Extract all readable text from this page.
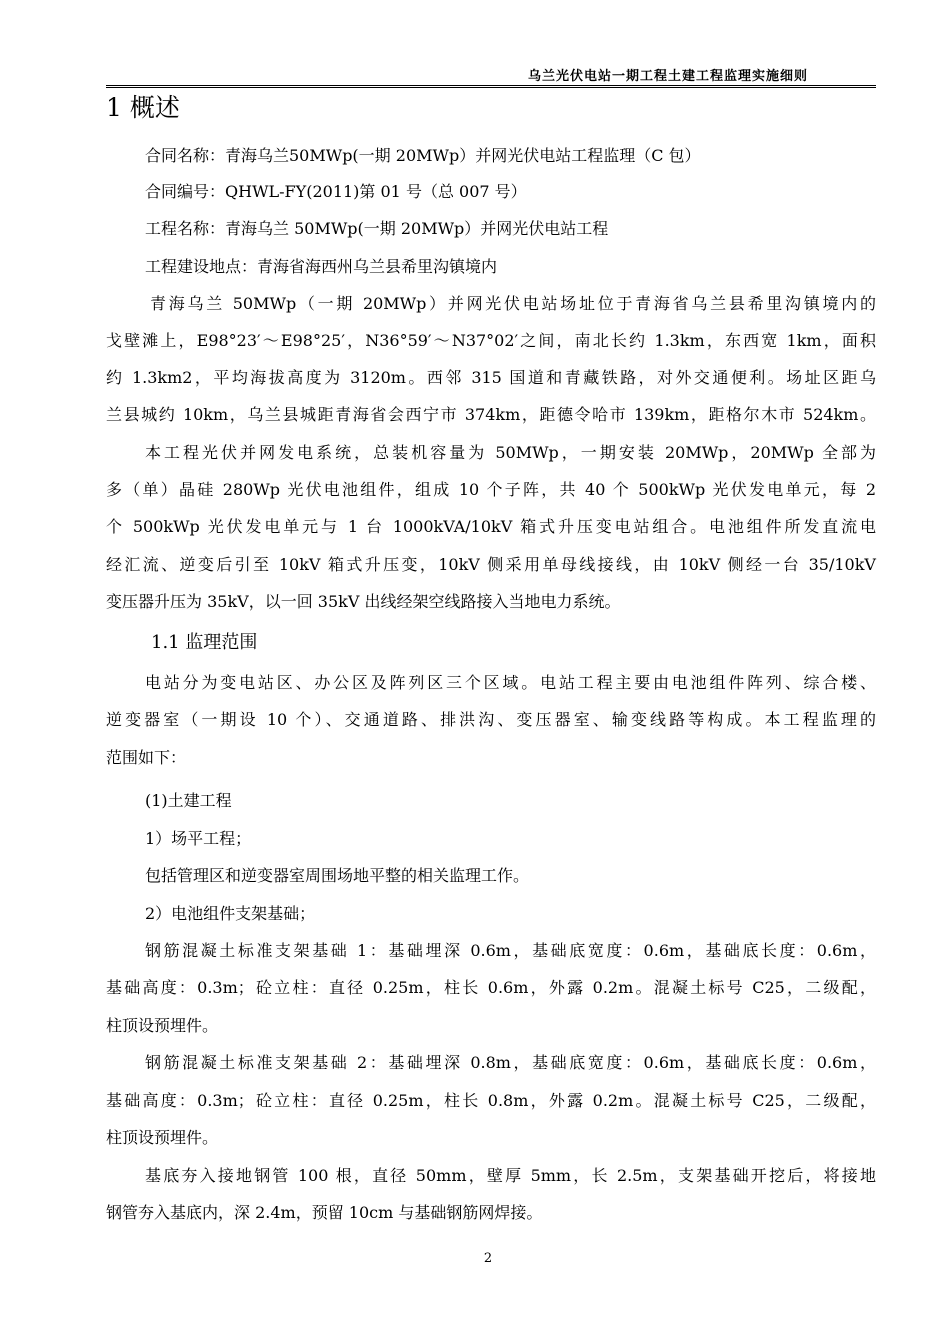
乌兰光伏电站一期工程土建工程监理实施细则
1 概述
合同名称：青海乌兰50MWp(一期 20MWp）并网光伏电站工程监理（C 包）
合同编号：QHWL-FY(2011)第 01 号（总 007 号）
工程名称：青海乌兰 50MWp(一期 20MWp）并网光伏电站工程
工程建设地点：青海省海西州乌兰县希里沟镇境内
青海乌兰 50MWp（一期 20MWp）并网光伏电站场址位于青海省乌兰县希里沟镇境内的
戈壁滩上，E98°23′～E98°25′，N36°59′～N37°02′之间，南北长约 1.3km，东西宽 1km，面积
约 1.3km2，平均海拔高度为 3120m。西邻 315 国道和青藏铁路，对外交通便利。场址区距乌
兰县城约 10km，乌兰县城距青海省会西宁市 374km，距德令哈市 139km，距格尔木市 524km。
本工程光伏并网发电系统，总装机容量为 50MWp，一期安装 20MWp，20MWp 全部为
多（单）晶硅 280Wp 光伏电池组件，组成 10 个子阵，共 40 个 500kWp 光伏发电单元，每 2
个 500kWp 光伏发电单元与 1 台 1000kVA/10kV 箱式升压变电站组合。电池组件所发直流电
经汇流、逆变后引至 10kV 箱式升压变，10kV 侧采用单母线接线，由 10kV 侧经一台 35/10kV
变压器升压为 35kV，以一回 35kV 出线经架空线路接入当地电力系统。
1.1 监理范围
电站分为变电站区、办公区及阵列区三个区域。电站工程主要由电池组件阵列、综合楼、
逆变器室（一期设 10 个）、交通道路、排洪沟、变压器室、输变线路等构成。本工程监理的
范围如下：
(1)土建工程
1）场平工程；
包括管理区和逆变器室周围场地平整的相关监理工作。
2）电池组件支架基础；
钢筋混凝土标准支架基础 1：基础埋深 0.6m，基础底宽度：0.6m，基础底长度：0.6m，
基础高度：0.3m；砼立柱：直径 0.25m，柱长 0.6m，外露 0.2m。混凝土标号 C25，二级配，
柱顶设预埋件。
钢筋混凝土标准支架基础 2：基础埋深 0.8m，基础底宽度：0.6m，基础底长度：0.6m，
基础高度：0.3m；砼立柱：直径 0.25m，柱长 0.8m，外露 0.2m。混凝土标号 C25，二级配，
柱顶设预埋件。
基底夯入接地钢管 100 根，直径 50mm，壁厚 5mm，长 2.5m，支架基础开挖后，将接地
钢管夯入基底内，深 2.4m，预留 10cm 与基础钢筋网焊接。
2
